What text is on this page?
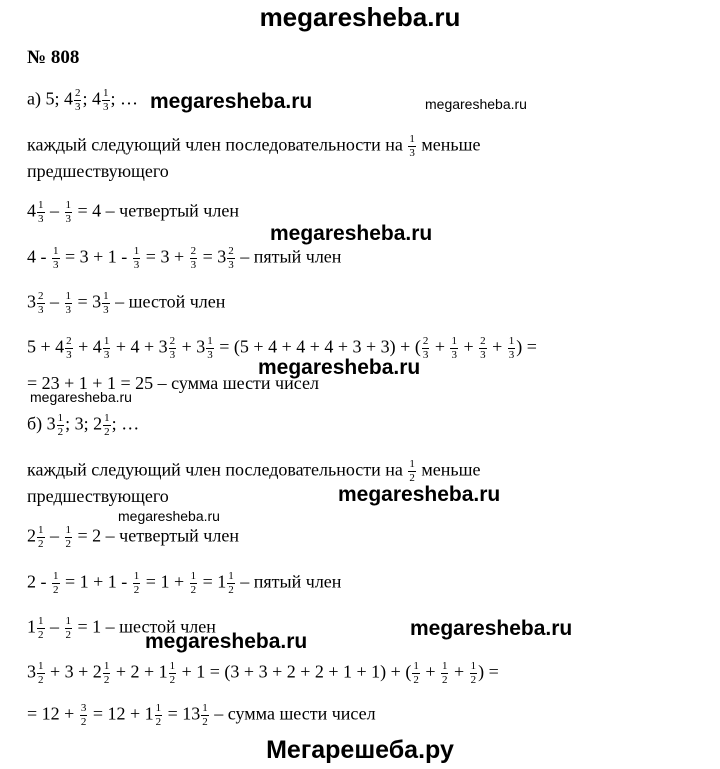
megaresheba.ru
megaresheba.ru	megaresheba.ru
megaresheba.ru
megaresheba.ru
megaresheba.ru
megaresheba.ru
megaresheba.ru
megaresheba.ru
megaresheba.ru
Мегарешеба.ру
№ 808
а) 5; $4 \frac{2}{3}$ ; $4 \frac{1}{3}$ ; …
каждый следующий член последовательности на $\frac{1}{3}$ меньше
предшествующего
$4 \frac{1}{3} - \frac{1}{3} = 4$ – четвертый член
$4 - \frac{1}{3} = 3 + 1 - \frac{1}{3} = 3 + \frac{2}{3} = 3 \frac{2}{3}$ – пятый член
$3 \frac{2}{3} - \frac{1}{3} = 3 \frac{1}{3}$ – шестой член
$5 + 4 \frac{2}{3} + 4 \frac{1}{3} + 4 + 3 \frac{2}{3} + 3 \frac{1}{3} = (5 + 4 + 4 + 4 + 3 + 3)$ + ( $\frac{2}{3} + \frac{1}{3} + \frac{2}{3} + \frac{1}{3}$ ) =
= 23 + 1 + 1 = 25 – сумма шести чисел
б) $3 \frac{1}{2}$ ; 3; $2 \frac{1}{2}$ ; …
каждый следующий член последовательности на $\frac{1}{2}$ меньше
предшествующего
$2 \frac{1}{2} - \frac{1}{2} = 2$ – четвертый член
$2 - \frac{1}{2} = 1 + 1 - \frac{1}{2} = 1 + \frac{1}{2} = 1 \frac{1}{2}$ – пятый член
$1 \frac{1}{2} - \frac{1}{2} = 1$ – шестой член
$3 \frac{1}{2} + 3 + 2 \frac{1}{2} + 2 + 1 \frac{1}{2} + 1 = (3 + 3 + 2 + 2 + 1 + 1)$ + ( $\frac{1}{2} + \frac{1}{2} + \frac{1}{2}$ ) =
= $12 + \frac{3}{2} = 12 + 1 \frac{1}{2} = 13 \frac{1}{2}$ – сумма шести чисел
